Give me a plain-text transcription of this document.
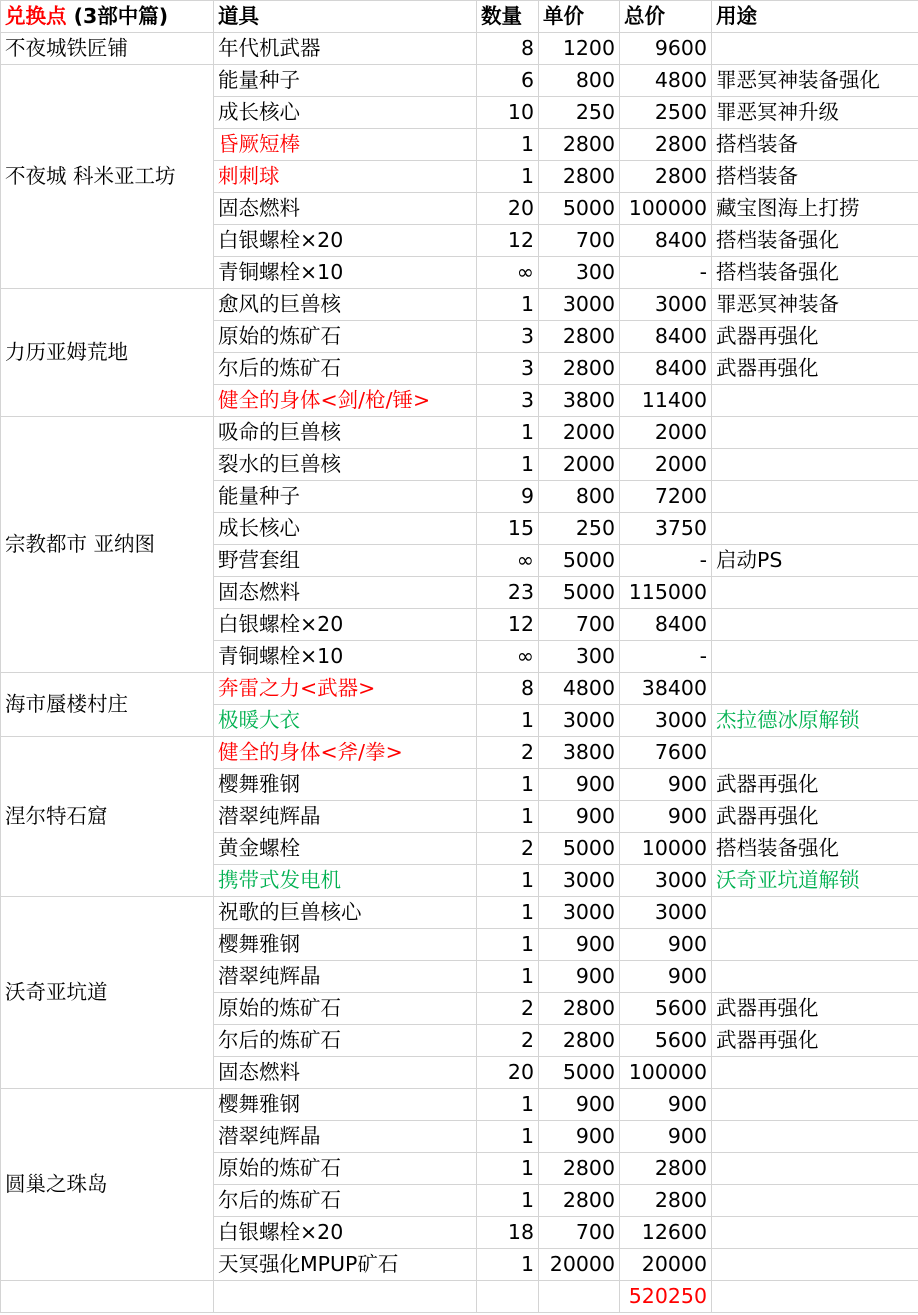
兑换点 (3部中篇)	道具	数量	单价	总价	用途
不夜城铁匠铺	年代机武器	8	1200	9600	
不夜城 科米亚工坊	能量种子	6	800	4800	罪恶冥神装备强化
	成长核心	10	250	2500	罪恶冥神升级
	昏厥短棒	1	2800	2800	搭档装备
	刺刺球	1	2800	2800	搭档装备
	固态燃料	20	5000	100000	藏宝图海上打捞
	白银螺栓×20	12	700	8400	搭档装备强化
	青铜螺栓×10	∞	300	-	搭档装备强化
力历亚姆荒地	愈风的巨兽核	1	3000	3000	罪恶冥神装备
	原始的炼矿石	3	2800	8400	武器再强化
	尔后的炼矿石	3	2800	8400	武器再强化
	健全的身体<剑/枪/锤>	3	3800	11400	
宗教都市 亚纳图	吸命的巨兽核	1	2000	2000	
	裂水的巨兽核	1	2000	2000	
	能量种子	9	800	7200	
	成长核心	15	250	3750	
	野营套组	∞	5000	-	启动PS
	固态燃料	23	5000	115000	
	白银螺栓×20	12	700	8400	
	青铜螺栓×10	∞	300	-	
海市蜃楼村庄	奔雷之力<武器>	8	4800	38400	
	极暖大衣	1	3000	3000	杰拉德冰原解锁
涅尔特石窟	健全的身体<斧/拳>	2	3800	7600	
	樱舞雅钢	1	900	900	武器再强化
	潜翠纯辉晶	1	900	900	武器再强化
	黄金螺栓	2	5000	10000	搭档装备强化
	携带式发电机	1	3000	3000	沃奇亚坑道解锁
沃奇亚坑道	祝歌的巨兽核心	1	3000	3000	
	樱舞雅钢	1	900	900	
	潜翠纯辉晶	1	900	900	
	原始的炼矿石	2	2800	5600	武器再强化
	尔后的炼矿石	2	2800	5600	武器再强化
	固态燃料	20	5000	100000	
圆巢之珠岛	樱舞雅钢	1	900	900	
	潜翠纯辉晶	1	900	900	
	原始的炼矿石	1	2800	2800	
	尔后的炼矿石	1	2800	2800	
	白银螺栓×20	18	700	12600	
	天冥强化MPUP矿石	1	20000	20000	
				520250	
